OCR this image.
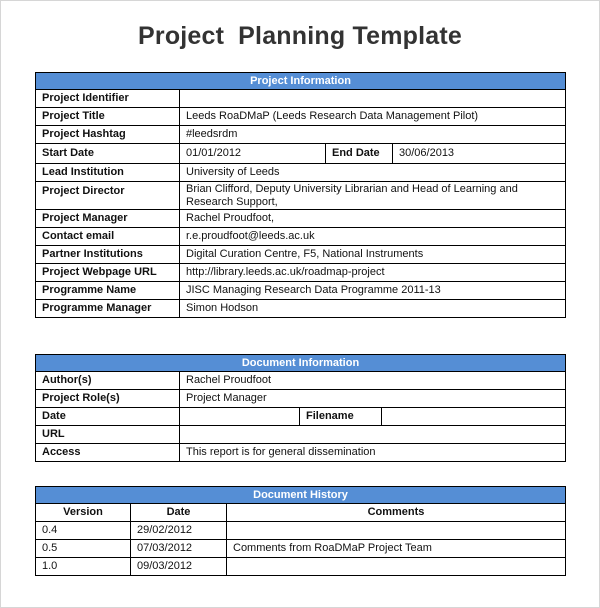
Project Planning Template
Project Information			
Project Identifier			
Project Title	Leeds RoaDMaP (Leeds Research Data Management Pilot)		
Project Hashtag	#leedsrdm		
Start Date	01/01/2012	End Date	30/06/2013
Lead Institution	University of Leeds		
Project Director	Brian Clifford, Deputy University Librarian and Head of Learning and Research Support,		
Project Manager	Rachel Proudfoot,		
Contact email	r.e.proudfoot@leeds.ac.uk		
Partner Institutions	Digital Curation Centre, F5, National Instruments		
Project Webpage URL	http://library.leeds.ac.uk/roadmap-project		
Programme Name	JISC Managing Research Data Programme 2011-13		
Programme Manager	Simon Hodson		
Document Information			
Author(s)	Rachel Proudfoot		
Project Role(s)	Project Manager		
Date		Filename	
URL			
Access	This report is for general dissemination		
Document History		
Version	Date	Comments
0.4	29/02/2012	
0.5	07/03/2012	Comments from RoaDMaP Project Team
1.0	09/03/2012	
